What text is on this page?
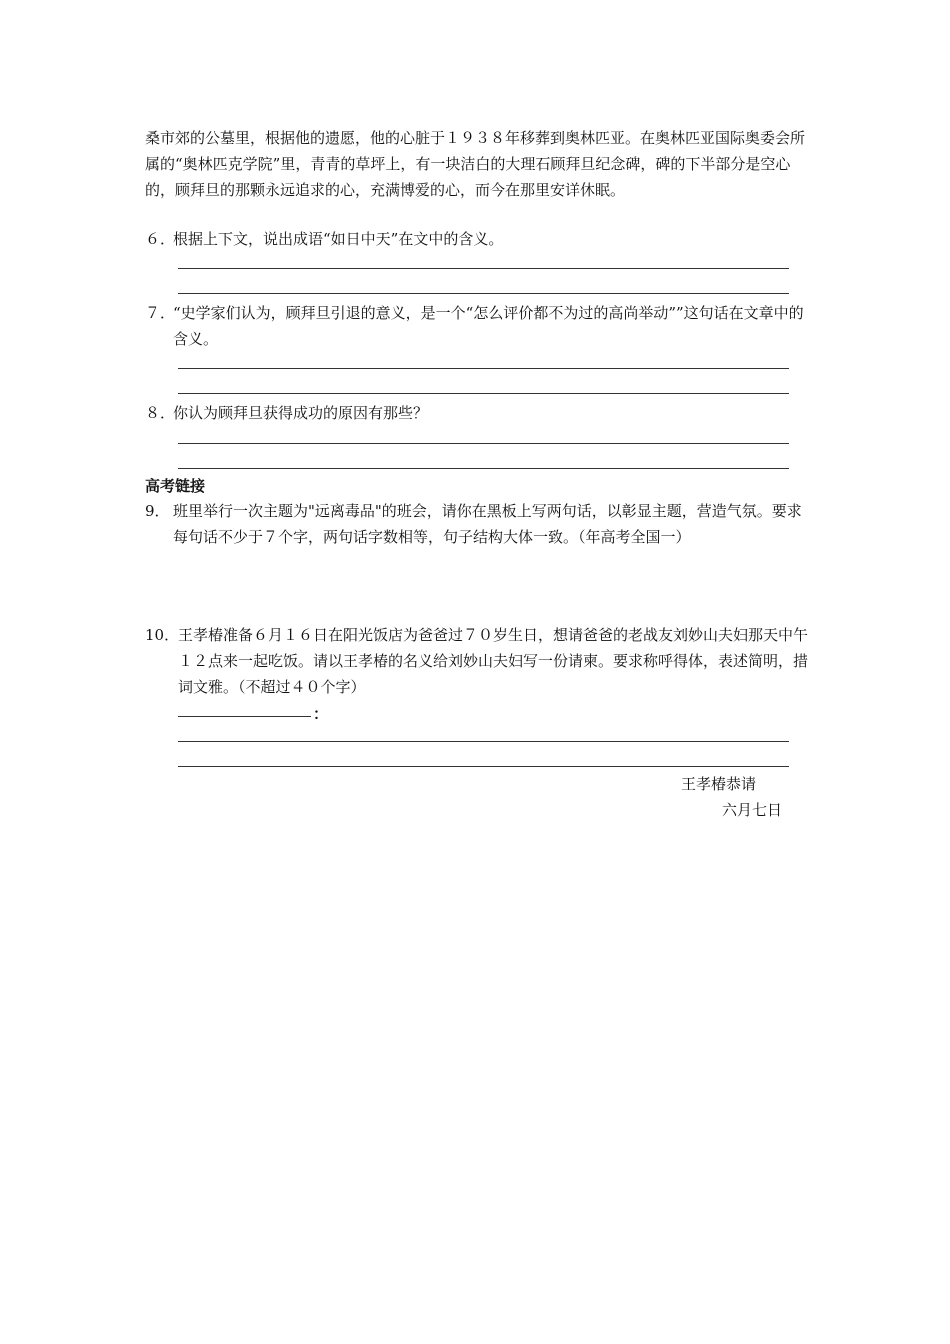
桑市郊的公墓里，根据他的遗愿，他的心脏于１９３８年移葬到奥林匹亚。在奥林匹亚国际奥委会所属的“奥林匹克学院”里，青青的草坪上，有一块洁白的大理石顾拜旦纪念碑，碑的下半部分是空心的，顾拜旦的那颗永远追求的心，充满博爱的心，而今在那里安详休眠。

６．
根据上下文，说出成语“如日中天”在文中的含义。
７．
“史学家们认为，顾拜旦引退的意义，是一个“怎么评价都不为过的高尚举动””这句话在文章中的含义。
８．
你认为顾拜旦获得成功的原因有那些？
高考链接
9． 班里举行一次主题为"远离毒品"的班会，请你在黑板上写两句话，以彰显主题，营造气氛。要求每句话不少于７个字，两句话字数相等，句子结构大体一致。（年高考全国一）
10．
王孝椿准备６月１６日在阳光饭店为爸爸过７０岁生日，想请爸爸的老战友刘妙山夫妇那天中午１２点来一起吃饭。请以王孝椿的名义给刘妙山夫妇写一份请柬。要求称呼得体，表述简明，措词文雅。（不超过４０个字）
：
王孝椿恭请
六月七日
